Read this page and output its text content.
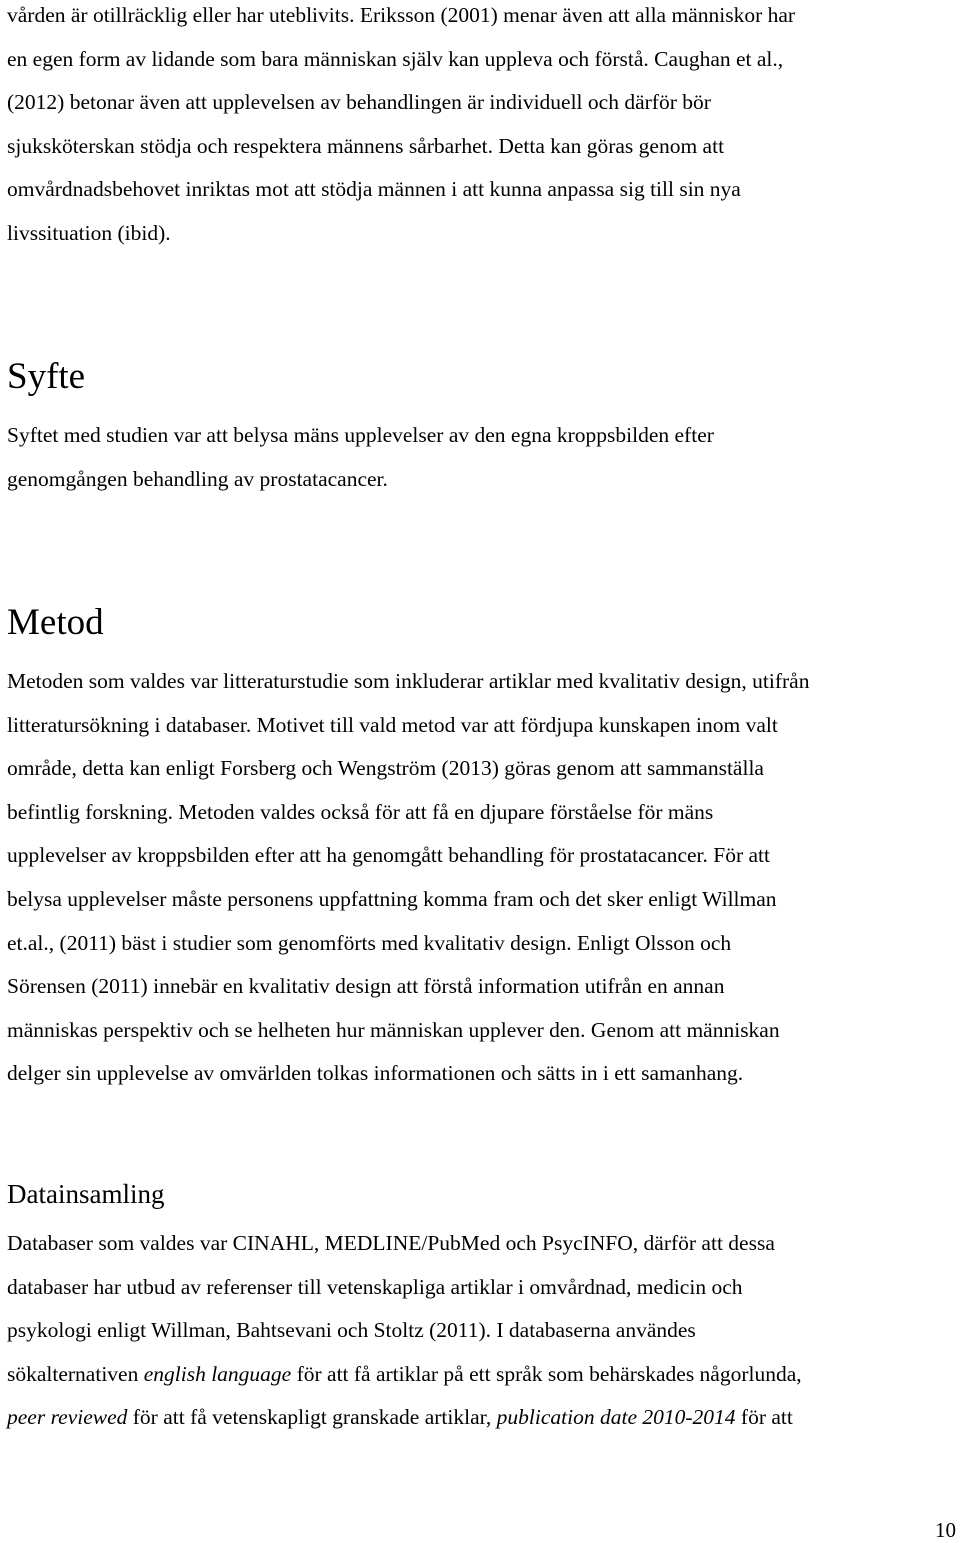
vården är otillräcklig eller har uteblivits. Eriksson (2001) menar även att alla människor har
en egen form av lidande som bara människan själv kan uppleva och förstå. Caughan et al.,
(2012) betonar även att upplevelsen av behandlingen är individuell och därför bör
sjuksköterskan stödja och respektera männens sårbarhet. Detta kan göras genom att
omvårdnadsbehovet inriktas mot att stödja männen i att kunna anpassa sig till sin nya
livssituation (ibid).

Syfte

Syftet med studien var att belysa mäns upplevelser av den egna kroppsbilden efter
genomgången behandling av prostatacancer.

Metod

Metoden som valdes var litteraturstudie som inkluderar artiklar med kvalitativ design, utifrån
litteratursökning i databaser. Motivet till vald metod var att fördjupa kunskapen inom valt
område, detta kan enligt Forsberg och Wengström (2013) göras genom att sammanställa
befintlig forskning. Metoden valdes också för att få en djupare förståelse för mäns
upplevelser av kroppsbilden efter att ha genomgått behandling för prostatacancer. För att
belysa upplevelser måste personens uppfattning komma fram och det sker enligt Willman
et.al., (2011) bäst i studier som genomförts med kvalitativ design. Enligt Olsson och
Sörensen (2011) innebär en kvalitativ design att förstå information utifrån en annan
människas perspektiv och se helheten hur människan upplever den. Genom att människan
delger sin upplevelse av omvärlden tolkas informationen och sätts in i ett samanhang.

Datainsamling

Databaser som valdes var CINAHL, MEDLINE/PubMed och PsycINFO, därför att dessa
databaser har utbud av referenser till vetenskapliga artiklar i omvårdnad, medicin och
psykologi enligt Willman, Bahtsevani och Stoltz (2011). I databaserna användes
sökalternativen english language för att få artiklar på ett språk som behärskades någorlunda,
peer reviewed för att få vetenskapligt granskade artiklar, publication date 2010-2014 för att

10
